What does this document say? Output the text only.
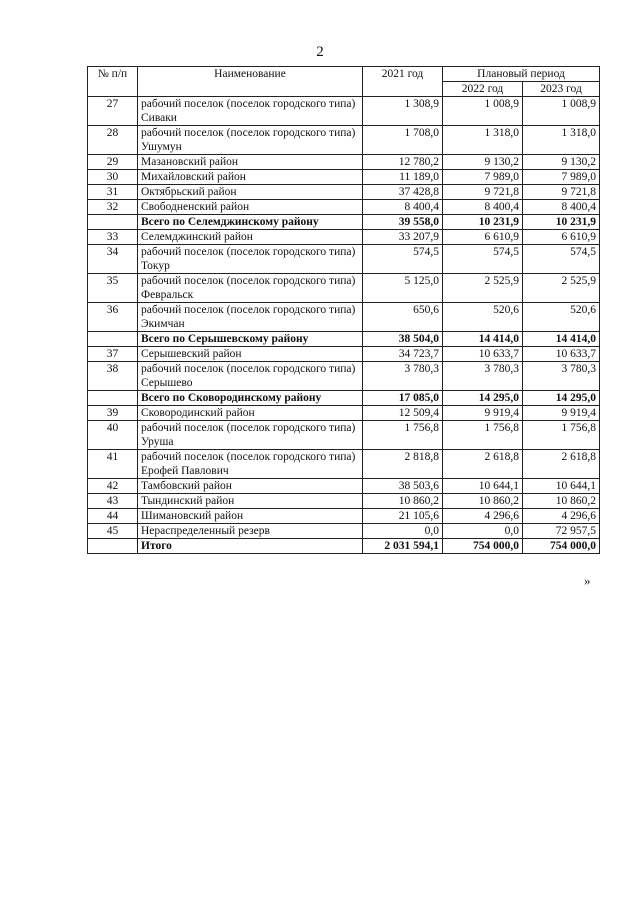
2
№ п/п	Наименование	2021 год	Плановый период	
			2022 год	2023 год
27	рабочий поселок (поселок городского типа) Сиваки	1 308,9	1 008,9	1 008,9
28	рабочий поселок (поселок городского типа) Ушумун	1 708,0	1 318,0	1 318,0
29	Мазановский район	12 780,2	9 130,2	9 130,2
30	Михайловский район	11 189,0	7 989,0	7 989,0
31	Октябрьский район	37 428,8	9 721,8	9 721,8
32	Свободненский район	8 400,4	8 400,4	8 400,4
	Всего по Селемджинскому району	39 558,0	10 231,9	10 231,9
33	Селемджинский район	33 207,9	6 610,9	6 610,9
34	рабочий поселок (поселок городского типа) Токур	574,5	574,5	574,5
35	рабочий поселок (поселок городского типа) Февральск	5 125,0	2 525,9	2 525,9
36	рабочий поселок (поселок городского типа) Экимчан	650,6	520,6	520,6
	Всего по Серышевскому району	38 504,0	14 414,0	14 414,0
37	Серышевский район	34 723,7	10 633,7	10 633,7
38	рабочий поселок (поселок городского типа) Серышево	3 780,3	3 780,3	3 780,3
	Всего по Сковородинскому району	17 085,0	14 295,0	14 295,0
39	Сковородинский район	12 509,4	9 919,4	9 919,4
40	рабочий поселок (поселок городского типа) Уруша	1 756,8	1 756,8	1 756,8
41	рабочий поселок (поселок городского типа) Ерофей Павлович	2 818,8	2 618,8	2 618,8
42	Тамбовский район	38 503,6	10 644,1	10 644,1
43	Тындинский район	10 860,2	10 860,2	10 860,2
44	Шимановский район	21 105,6	4 296,6	4 296,6
45	Нераспределенный резерв	0,0	0,0	72 957,5
	Итого	2 031 594,1	754 000,0	754 000,0
»
